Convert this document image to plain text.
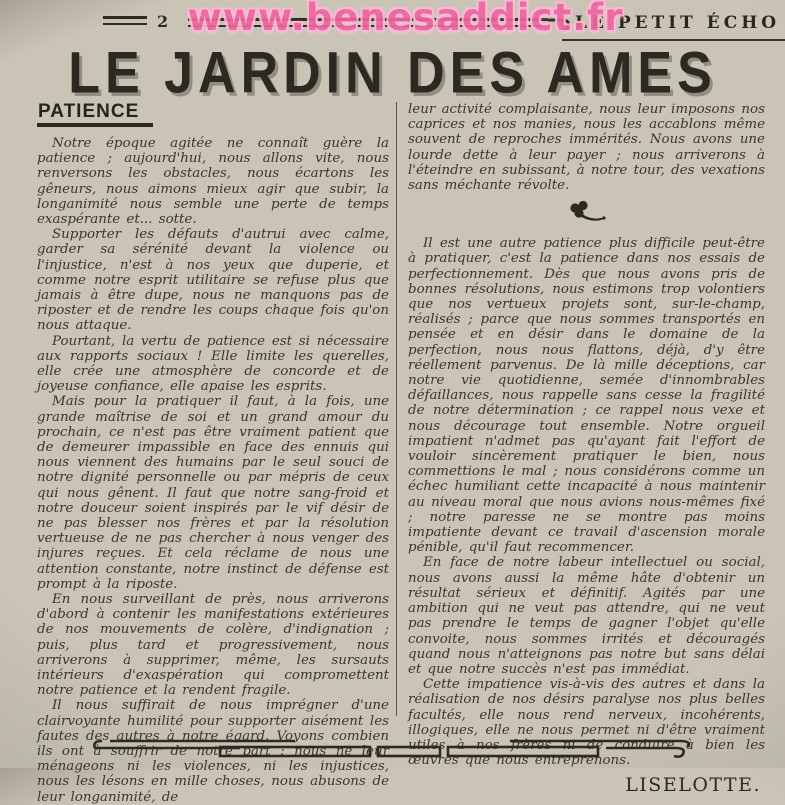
2	LE PETIT ÉCHO
www.benesaddict.fr
LE JARDIN DES AMES
PATIENCE

Notre époque agitée ne connaît guère la patience ; aujourd'hui, nous allons vite, nous renversons les obstacles, nous écartons les gêneurs, nous aimons mieux agir que subir, la longanimité nous semble une perte de temps exaspérante et... sotte.

Supporter les défauts d'autrui avec calme, garder sa sérénité devant la violence ou l'injustice, n'est à nos yeux que duperie, et comme notre esprit utilitaire se refuse plus que jamais à être dupe, nous ne manquons pas de riposter et de rendre les coups chaque fois qu'on nous attaque.

Pourtant, la vertu de patience est si nécessaire aux rapports sociaux ! Elle limite les querelles, elle crée une atmosphère de concorde et de joyeuse confiance, elle apaise les esprits.

Mais pour la pratiquer il faut, à la fois, une grande maîtrise de soi et un grand amour du prochain, ce n'est pas être vraiment patient que de demeurer impassible en face des ennuis qui nous viennent des humains par le seul souci de notre dignité personnelle ou par mépris de ceux qui nous gênent. Il faut que notre sang-froid et notre douceur soient inspirés par le vif désir de ne pas blesser nos frères et par la résolution vertueuse de ne pas chercher à nous venger des injures reçues. Et cela réclame de nous une attention constante, notre instinct de défense est prompt à la riposte.

En nous surveillant de près, nous arriverons d'abord à contenir les manifestations extérieures de nos mouvements de colère, d'indignation ; puis, plus tard et progressivement, nous arriverons à supprimer, même, les sursauts intérieurs d'exaspération qui compromettent notre patience et la rendent fragile.

Il nous suffirait de nous imprégner d'une clairvoyante humilité pour supporter aisément les fautes des autres à notre égard. Voyons combien ils ont à souffrir de notre part : nous ne leur ménageons ni les violences, ni les injustices, nous les lésons en mille choses, nous abusons de leur longanimité, de

leur activité complaisante, nous leur imposons nos caprices et nos manies, nous les accablons même souvent de reproches immérités. Nous avons une lourde dette à leur payer ; nous arriverons à l'éteindre en subissant, à notre tour, des vexations sans méchante révolte.

Il est une autre patience plus difficile peut-être à pratiquer, c'est la patience dans nos essais de perfectionnement. Dès que nous avons pris de bonnes résolutions, nous estimons trop volontiers que nos vertueux projets sont, sur-le-champ, réalisés ; parce que nous sommes transportés en pensée et en désir dans le domaine de la perfection, nous nous flattons, déjà, d'y être réellement parvenus. De là mille déceptions, car notre vie quotidienne, semée d'innombrables défaillances, nous rappelle sans cesse la fragilité de notre détermination ; ce rappel nous vexe et nous décourage tout ensemble. Notre orgueil impatient n'admet pas qu'ayant fait l'effort de vouloir sincèrement pratiquer le bien, nous commettions le mal ; nous considérons comme un échec humiliant cette incapacité à nous maintenir au niveau moral que nous avions nous-mêmes fixé ; notre paresse ne se montre pas moins impatiente devant ce travail d'ascension morale pénible, qu'il faut recommencer.

En face de notre labeur intellectuel ou social, nous avons aussi la même hâte d'obtenir un résultat sérieux et définitif. Agités par une ambition qui ne veut pas attendre, qui ne veut pas prendre le temps de gagner l'objet qu'elle convoite, nous sommes irrités et découragés quand nous n'atteignons pas notre but sans délai et que notre succès n'est pas immédiat.

Cette impatience vis-à-vis des autres et dans la réalisation de nos désirs paralyse nos plus belles facultés, elle nous rend nerveux, incohérents, illogiques, elle ne nous permet ni d'être vraiment utiles à nos frères ni de conduire à bien les œuvres que nous entreprenons.

LISELOTTE.
